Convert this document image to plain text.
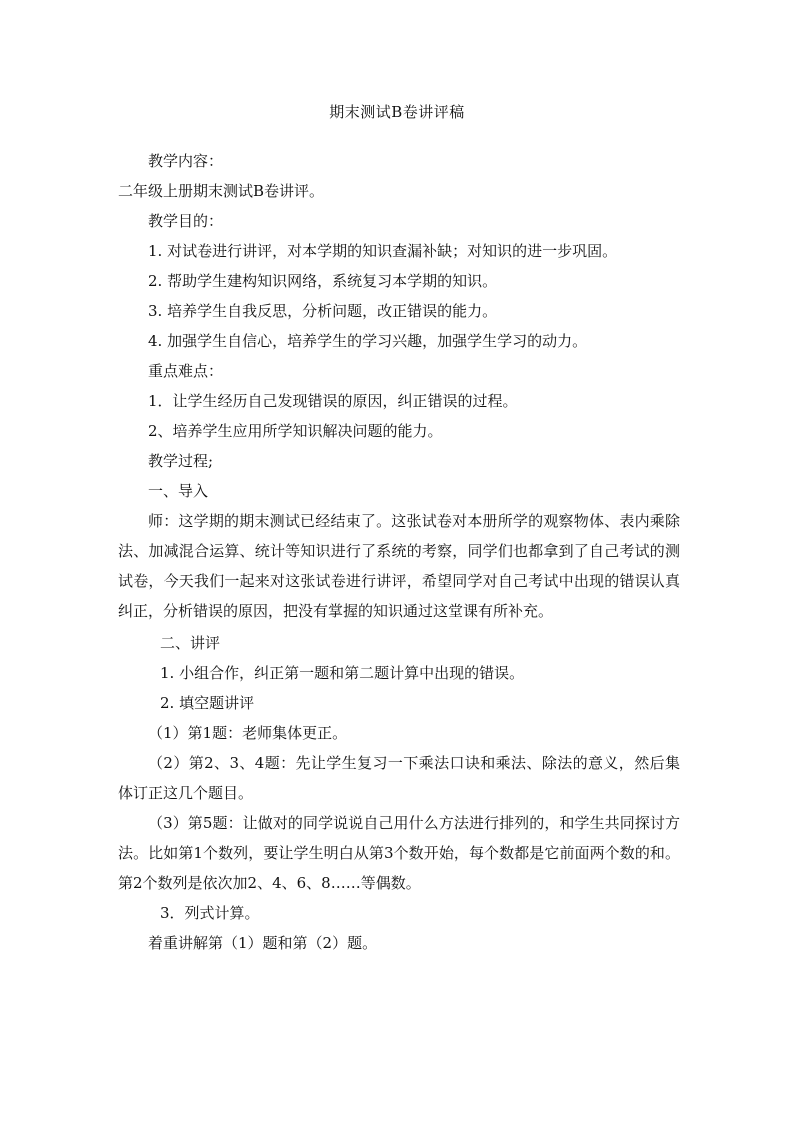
期末测试B卷讲评稿
教学内容：
二年级上册期末测试B卷讲评。
教学目的：
1. 对试卷进行讲评，对本学期的知识查漏补缺；对知识的进一步巩固。
2. 帮助学生建构知识网络，系统复习本学期的知识。
3. 培养学生自我反思，分析问题，改正错误的能力。
4. 加强学生自信心，培养学生的学习兴趣，加强学生学习的动力。
重点难点：
1．让学生经历自己发现错误的原因，纠正错误的过程。
2、培养学生应用所学知识解决问题的能力。
教学过程;
一、导入
师：这学期的期末测试已经结束了。这张试卷对本册所学的观察物体、表内乘除法、加减混合运算、统计等知识进行了系统的考察，同学们也都拿到了自己考试的测试卷，今天我们一起来对这张试卷进行讲评，希望同学对自己考试中出现的错误认真纠正，分析错误的原因，把没有掌握的知识通过这堂课有所补充。
二、讲评
1. 小组合作，纠正第一题和第二题计算中出现的错误。
2. 填空题讲评
（1）第1题：老师集体更正。
（2）第2、3、4题：先让学生复习一下乘法口诀和乘法、除法的意义，然后集体订正这几个题目。
（3）第5题：让做对的同学说说自己用什么方法进行排列的，和学生共同探讨方法。比如第1个数列，要让学生明白从第3个数开始，每个数都是它前面两个数的和。第2个数列是依次加2、4、6、8……等偶数。
3．列式计算。
着重讲解第（1）题和第（2）题。
